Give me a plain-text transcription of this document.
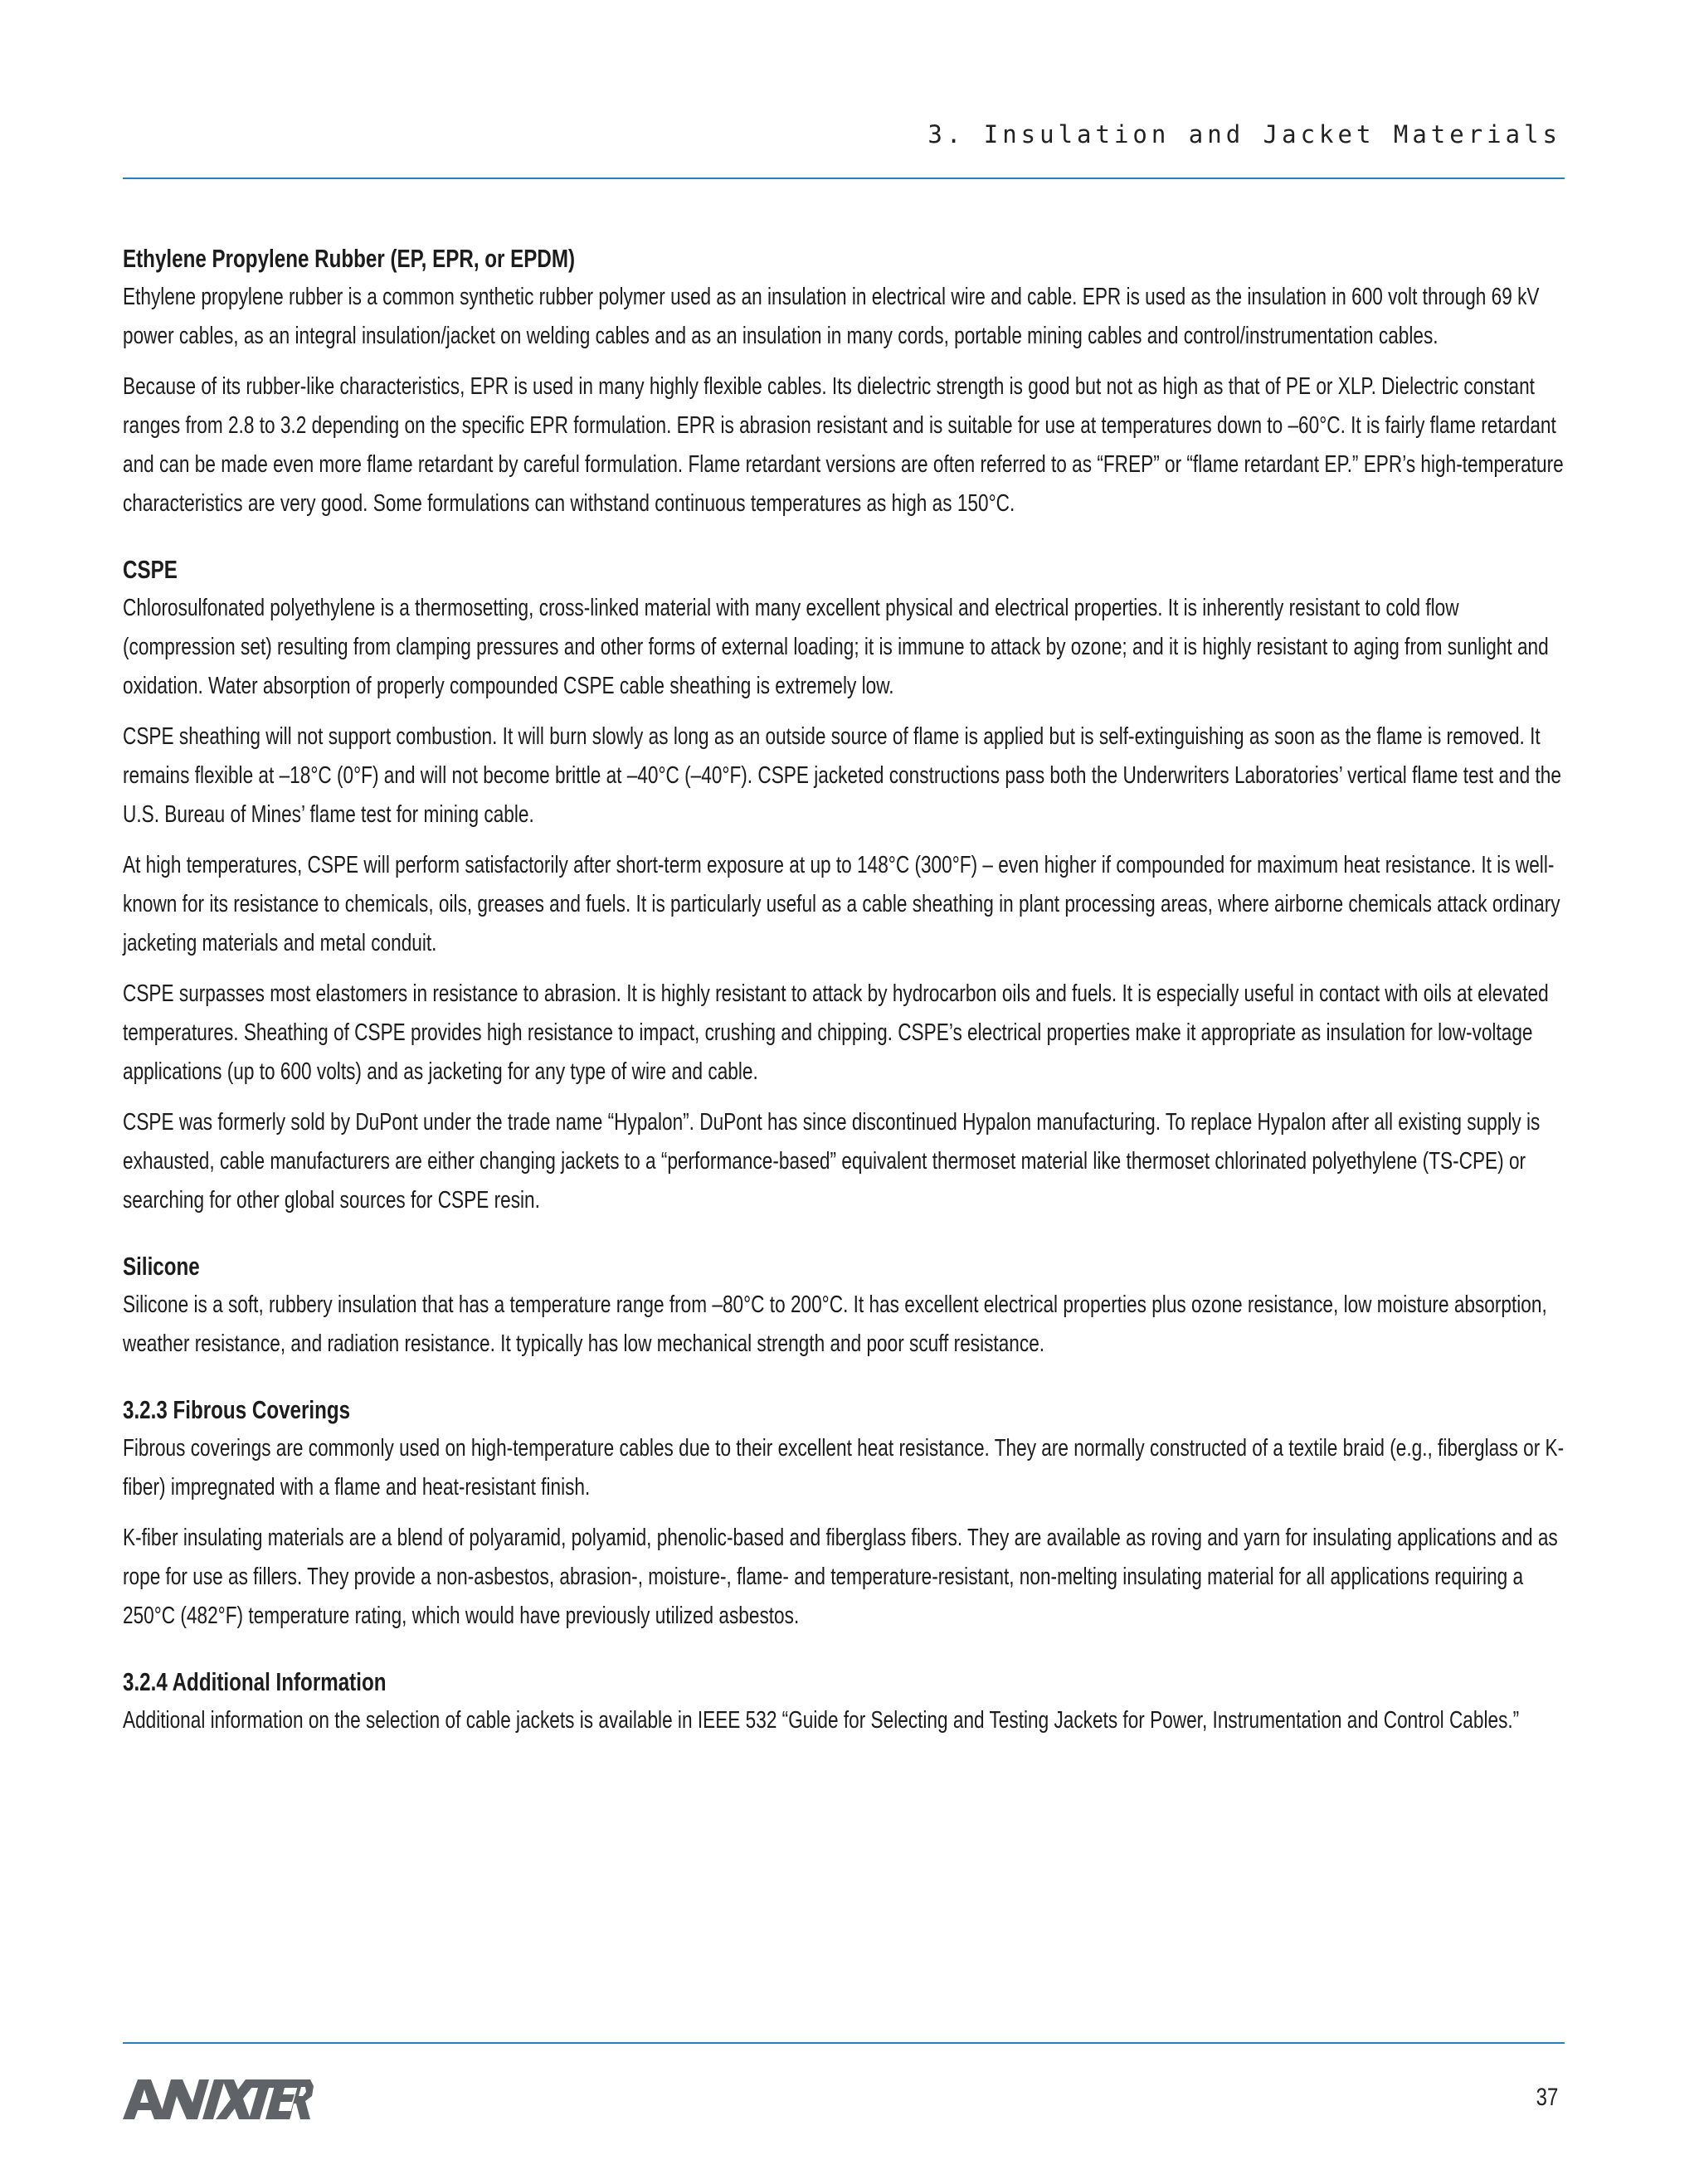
3. Insulation and Jacket Materials
Ethylene Propylene Rubber (EP, EPR, or EPDM)

Ethylene propylene rubber is a common synthetic rubber polymer used as an insulation in electrical wire and cable. EPR is used as the insulation in 600 volt through 69 kV power cables, as an integral insulation/jacket on welding cables and as an insulation in many cords, portable mining cables and control/instrumentation cables.

Because of its rubber-like characteristics, EPR is used in many highly flexible cables. Its dielectric strength is good but not as high as that of PE or XLP. Dielectric constant ranges from 2.8 to 3.2 depending on the specific EPR formulation. EPR is abrasion resistant and is suitable for use at temperatures down to –60°C. It is fairly flame retardant and can be made even more flame retardant by careful formulation. Flame retardant versions are often referred to as “FREP” or “flame retardant EP.” EPR’s high-temperature characteristics are very good. Some formulations can withstand continuous temperatures as high as 150°C.

CSPE

Chlorosulfonated polyethylene is a thermosetting, cross-linked material with many excellent physical and electrical properties. It is inherently resistant to cold flow (compression set) resulting from clamping pressures and other forms of external loading; it is immune to attack by ozone; and it is highly resistant to aging from sunlight and oxidation. Water absorption of properly compounded CSPE cable sheathing is extremely low.

CSPE sheathing will not support combustion. It will burn slowly as long as an outside source of flame is applied but is self-extinguishing as soon as the flame is removed. It remains flexible at –18°C (0°F) and will not become brittle at –40°C (–40°F). CSPE jacketed constructions pass both the Underwriters Laboratories’ vertical flame test and the U.S. Bureau of Mines’ flame test for mining cable.

At high temperatures, CSPE will perform satisfactorily after short-term exposure at up to 148°C (300°F) – even higher if compounded for maximum heat resistance. It is well-known for its resistance to chemicals, oils, greases and fuels. It is particularly useful as a cable sheathing in plant processing areas, where airborne chemicals attack ordinary jacketing materials and metal conduit.

CSPE surpasses most elastomers in resistance to abrasion. It is highly resistant to attack by hydrocarbon oils and fuels. It is especially useful in contact with oils at elevated temperatures. Sheathing of CSPE provides high resistance to impact, crushing and chipping. CSPE’s electrical properties make it appropriate as insulation for low-voltage applications (up to 600 volts) and as jacketing for any type of wire and cable.

CSPE was formerly sold by DuPont under the trade name “Hypalon”. DuPont has since discontinued Hypalon manufacturing. To replace Hypalon after all existing supply is exhausted, cable manufacturers are either changing jackets to a “performance-based” equivalent thermoset material like thermoset chlorinated polyethylene (TS-CPE) or searching for other global sources for CSPE resin.

Silicone

Silicone is a soft, rubbery insulation that has a temperature range from –80°C to 200°C. It has excellent electrical properties plus ozone resistance, low moisture absorption, weather resistance, and radiation resistance. It typically has low mechanical strength and poor scuff resistance.

3.2.3 Fibrous Coverings

Fibrous coverings are commonly used on high-temperature cables due to their excellent heat resistance. They are normally constructed of a textile braid (e.g., fiberglass or K-fiber) impregnated with a flame and heat-resistant finish.

K-fiber insulating materials are a blend of polyaramid, polyamid, phenolic-based and fiberglass fibers. They are available as roving and yarn for insulating applications and as rope for use as fillers. They provide a non-asbestos, abrasion-, moisture-, flame- and temperature-resistant, non-melting insulating material for all applications requiring a 250°C (482°F) temperature rating, which would have previously utilized asbestos.

3.2.4 Additional Information

Additional information on the selection of cable jackets is available in IEEE 532 “Guide for Selecting and Testing Jackets for Power, Instrumentation and Control Cables.”

37
